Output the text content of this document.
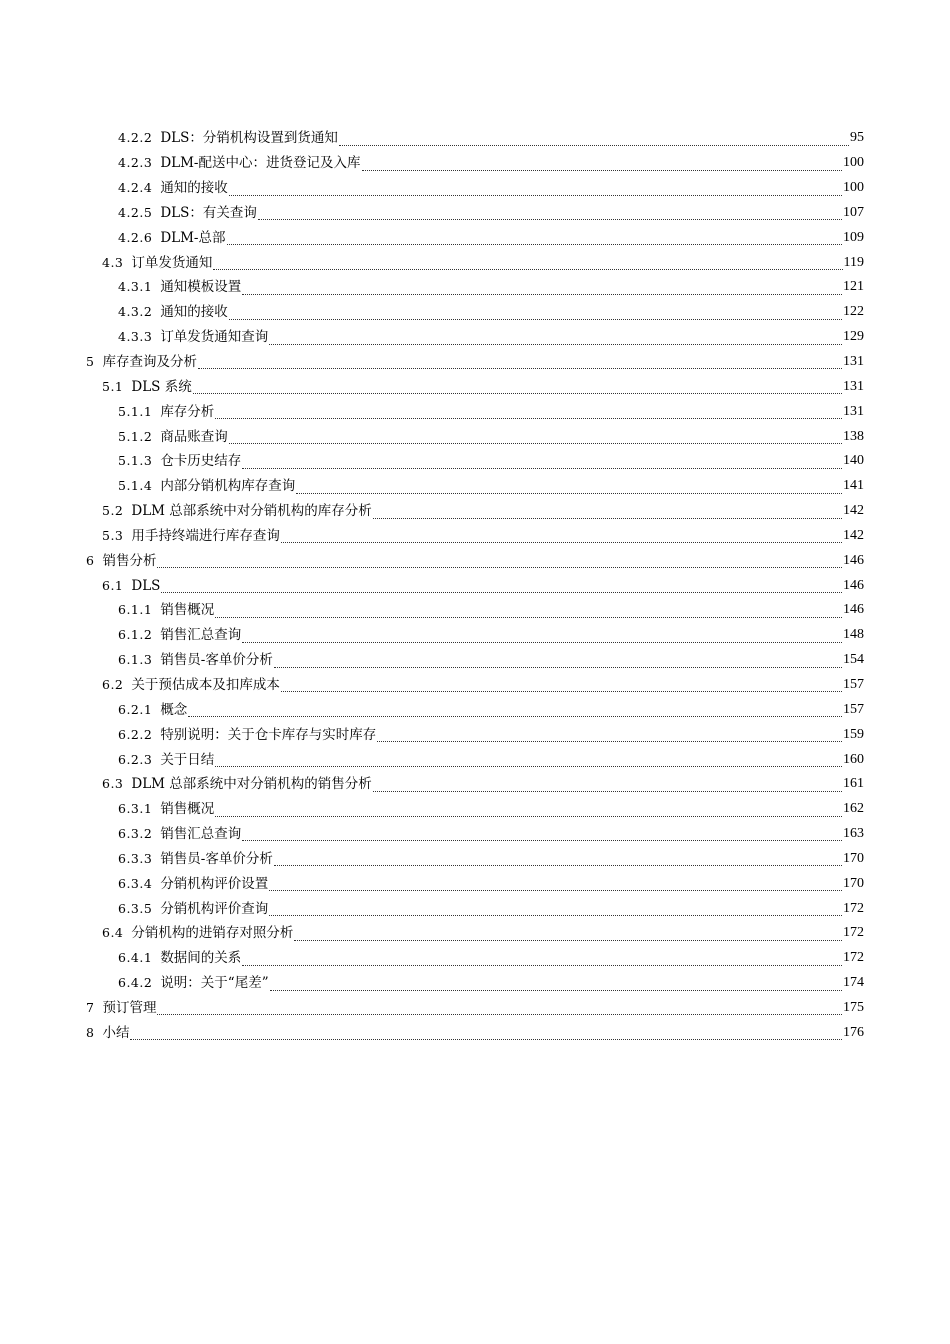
4.2.2 DLS：分销机构设置到货通知	95
4.2.3 DLM-配送中心：进货登记及入库	100
4.2.4 通知的接收	100
4.2.5 DLS：有关查询	107
4.2.6 DLM-总部	109
4.3 订单发货通知	119
4.3.1 通知模板设置	121
4.3.2 通知的接收	122
4.3.3 订单发货通知查询	129
5 库存查询及分析	131
5.1 DLS 系统	131
5.1.1 库存分析	131
5.1.2 商品账查询	138
5.1.3 仓卡历史结存	140
5.1.4 内部分销机构库存查询	141
5.2 DLM 总部系统中对分销机构的库存分析	142
5.3 用手持终端进行库存查询	142
6 销售分析	146
6.1 DLS	146
6.1.1 销售概况	146
6.1.2 销售汇总查询	148
6.1.3 销售员-客单价分析	154
6.2 关于预估成本及扣库成本	157
6.2.1 概念	157
6.2.2 特别说明：关于仓卡库存与实时库存	159
6.2.3 关于日结	160
6.3 DLM 总部系统中对分销机构的销售分析	161
6.3.1 销售概况	162
6.3.2 销售汇总查询	163
6.3.3 销售员-客单价分析	170
6.3.4 分销机构评价设置	170
6.3.5 分销机构评价查询	172
6.4 分销机构的进销存对照分析	172
6.4.1 数据间的关系	172
6.4.2 说明：关于“尾差”	174
7 预订管理	175
8 小结	176
